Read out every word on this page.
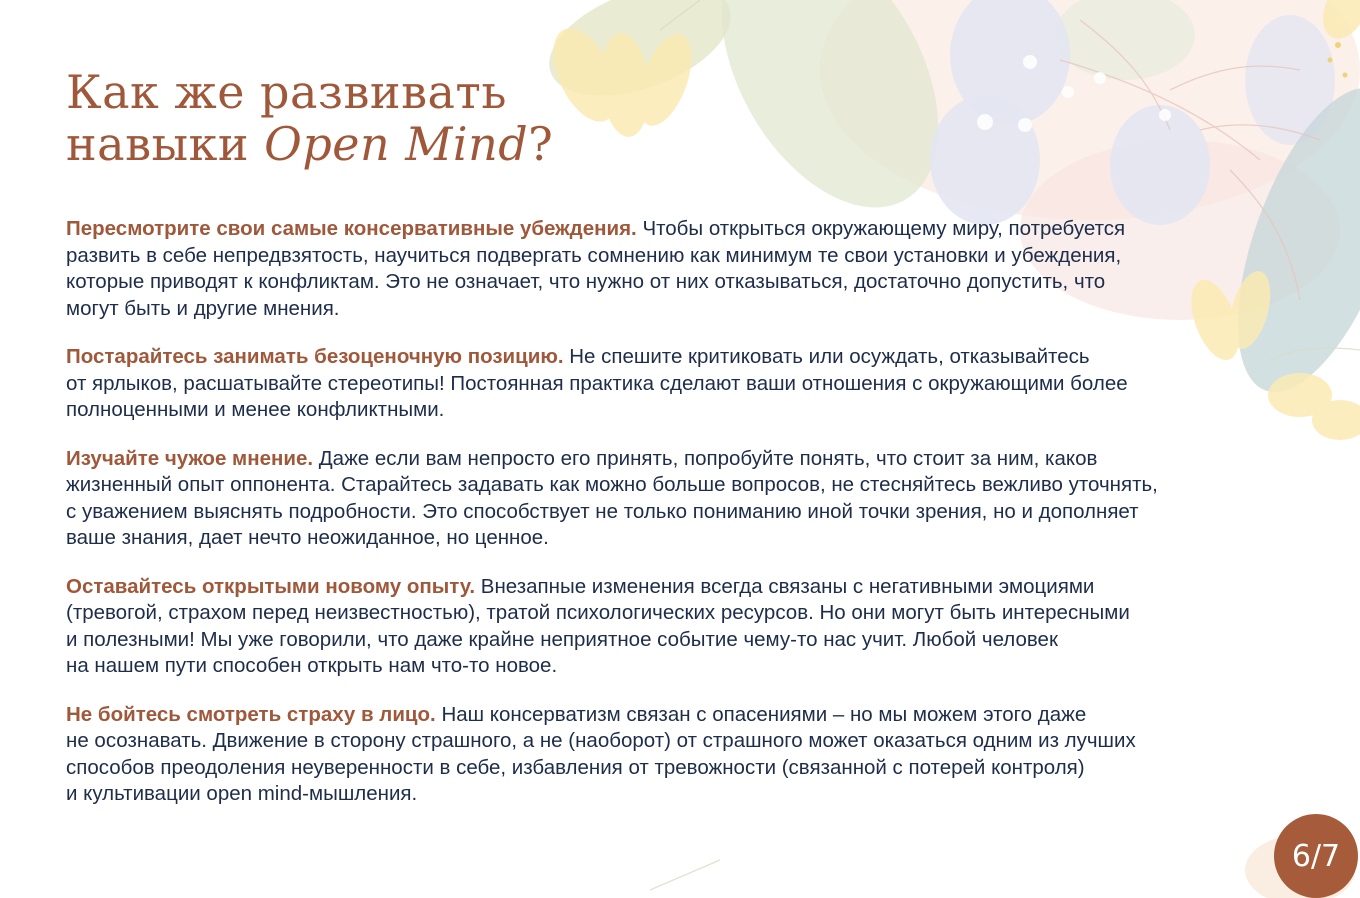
Как же развивать
навыки Open Mind?

Пересмотрите свои самые консервативные убеждения. Чтобы открыться окружающему миру, потребуется
развить в себе непредвзятость, научиться подвергать сомнению как минимум те свои установки и убеждения,
которые приводят к конфликтам. Это не означает, что нужно от них отказываться, достаточно допустить, что
могут быть и другие мнения.

Постарайтесь занимать безоценочную позицию. Не спешите критиковать или осуждать, отказывайтесь
от ярлыков, расшатывайте стереотипы! Постоянная практика сделают ваши отношения с окружающими более
полноценными и менее конфликтными.

Изучайте чужое мнение. Даже если вам непросто его принять, попробуйте понять, что стоит за ним, каков
жизненный опыт оппонента. Старайтесь задавать как можно больше вопросов, не стесняйтесь вежливо уточнять,
с уважением выяснять подробности. Это способствует не только пониманию иной точки зрения, но и дополняет
ваше знания, дает нечто неожиданное, но ценное.

Оставайтесь открытыми новому опыту. Внезапные изменения всегда связаны с негативными эмоциями
(тревогой, страхом перед неизвестностью), тратой психологических ресурсов. Но они могут быть интересными
и полезными! Мы уже говорили, что даже крайне неприятное событие чему-то нас учит. Любой человек
на нашем пути способен открыть нам что-то новое.

Не бойтесь смотреть страху в лицо. Наш консерватизм связан с опасениями – но мы можем этого даже
не осознавать. Движение в сторону страшного, а не (наоборот) от страшного может оказаться одним из лучших
способов преодоления неуверенности в себе, избавления от тревожности (связанной с потерей контроля)
и культивации open mind-мышления.

6/7
